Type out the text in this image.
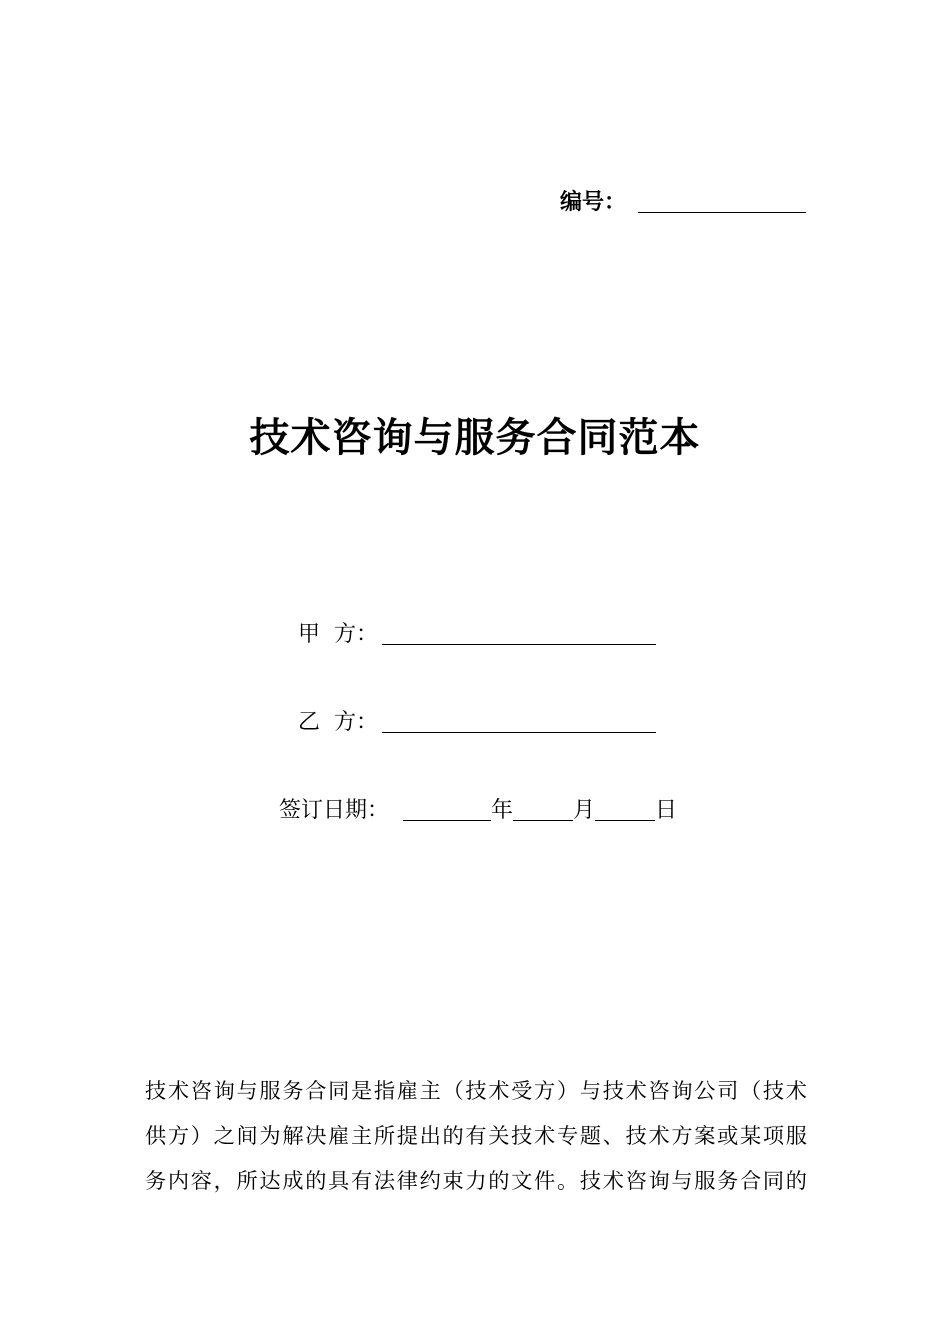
编号：
技术咨询与服务合同范本
甲  方：
乙  方：
签订日期：	年	月	日
技术咨询与服务合同是指雇主（技术受方）与技术咨询公司（技术
供方）之间为解决雇主所提出的有关技术专题、技术方案或某项服
务内容，所达成的具有法律约束力的文件。技术咨询与服务合同的
